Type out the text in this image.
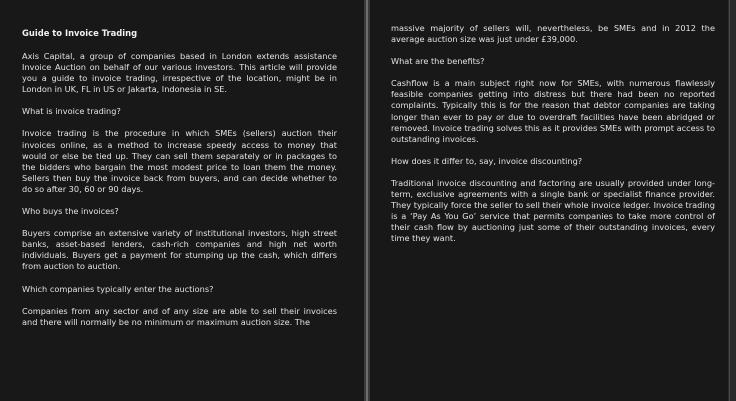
Guide to Invoice Trading

Axis Capital, a group of companies based in London extends assistance Invoice Auction on behalf of our various investors. This article will provide you a guide to invoice trading, irrespective of the location, might be in London in UK, FL in US or Jakarta, Indonesia in SE.

What is invoice trading?

Invoice trading is the procedure in which SMEs (sellers) auction their invoices online, as a method to increase speedy access to money that would or else be tied up. They can sell them separately or in packages to the bidders who bargain the most modest price to loan them the money. Sellers then buy the invoice back from buyers, and can decide whether to do so after 30, 60 or 90 days.

Who buys the invoices?

Buyers comprise an extensive variety of institutional investors, high street banks, asset-based lenders, cash-rich companies and high net worth individuals. Buyers get a payment for stumping up the cash, which differs from auction to auction.

Which companies typically enter the auctions?

Companies from any sector and of any size are able to sell their invoices and there will normally be no minimum or maximum auction size. The

massive majority of sellers will, nevertheless, be SMEs and in 2012 the average auction size was just under £39,000.

What are the benefits?

Cashflow is a main subject right now for SMEs, with numerous flawlessly feasible companies getting into distress but there had been no reported complaints. Typically this is for the reason that debtor companies are taking longer than ever to pay or due to overdraft facilities have been abridged or removed. Invoice trading solves this as it provides SMEs with prompt access to outstanding invoices.

How does it differ to, say, invoice discounting?

Traditional invoice discounting and factoring are usually provided under long-term, exclusive agreements with a single bank or specialist finance provider. They typically force the seller to sell their whole invoice ledger. Invoice trading is a ‘Pay As You Go’ service that permits companies to take more control of their cash flow by auctioning just some of their outstanding invoices, every time they want.
